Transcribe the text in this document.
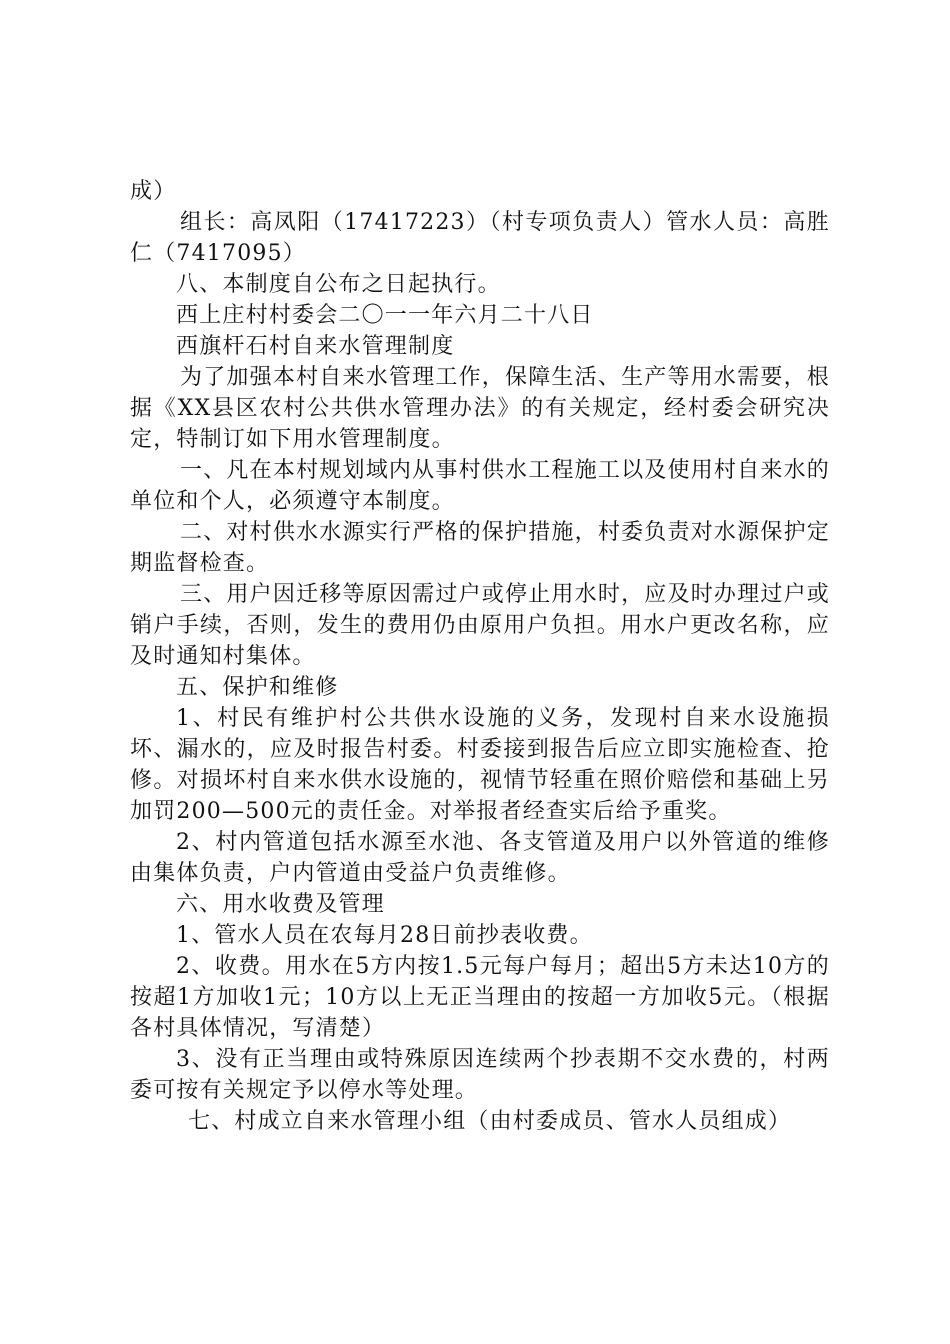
成）

组长：高凤阳（17417223）（村专项负责人）管水人员：高胜仁（7417095）

八、本制度自公布之日起执行。

西上庄村村委会二〇一一年六月二十八日

西旗杆石村自来水管理制度

为了加强本村自来水管理工作，保障生活、生产等用水需要，根据《XX县区农村公共供水管理办法》的有关规定，经村委会研究决定，特制订如下用水管理制度。

一、凡在本村规划域内从事村供水工程施工以及使用村自来水的单位和个人，必须遵守本制度。

二、对村供水水源实行严格的保护措施，村委负责对水源保护定期监督检查。

三、用户因迁移等原因需过户或停止用水时，应及时办理过户或销户手续，否则，发生的费用仍由原用户负担。用水户更改名称，应及时通知村集体。

五、保护和维修

1、村民有维护村公共供水设施的义务，发现村自来水设施损坏、漏水的，应及时报告村委。村委接到报告后应立即实施检查、抢修。对损坏村自来水供水设施的，视情节轻重在照价赔偿和基础上另加罚200—500元的责任金。对举报者经查实后给予重奖。

2、村内管道包括水源至水池、各支管道及用户以外管道的维修由集体负责，户内管道由受益户负责维修。

六、用水收费及管理

1、管水人员在农每月28日前抄表收费。

2、收费。用水在5方内按1.5元每户每月；超出5方未达10方的按超1方加收1元；10方以上无正当理由的按超一方加收5元。（根据各村具体情况，写清楚）

3、没有正当理由或特殊原因连续两个抄表期不交水费的，村两委可按有关规定予以停水等处理。

七、村成立自来水管理小组（由村委成员、管水人员组成）
